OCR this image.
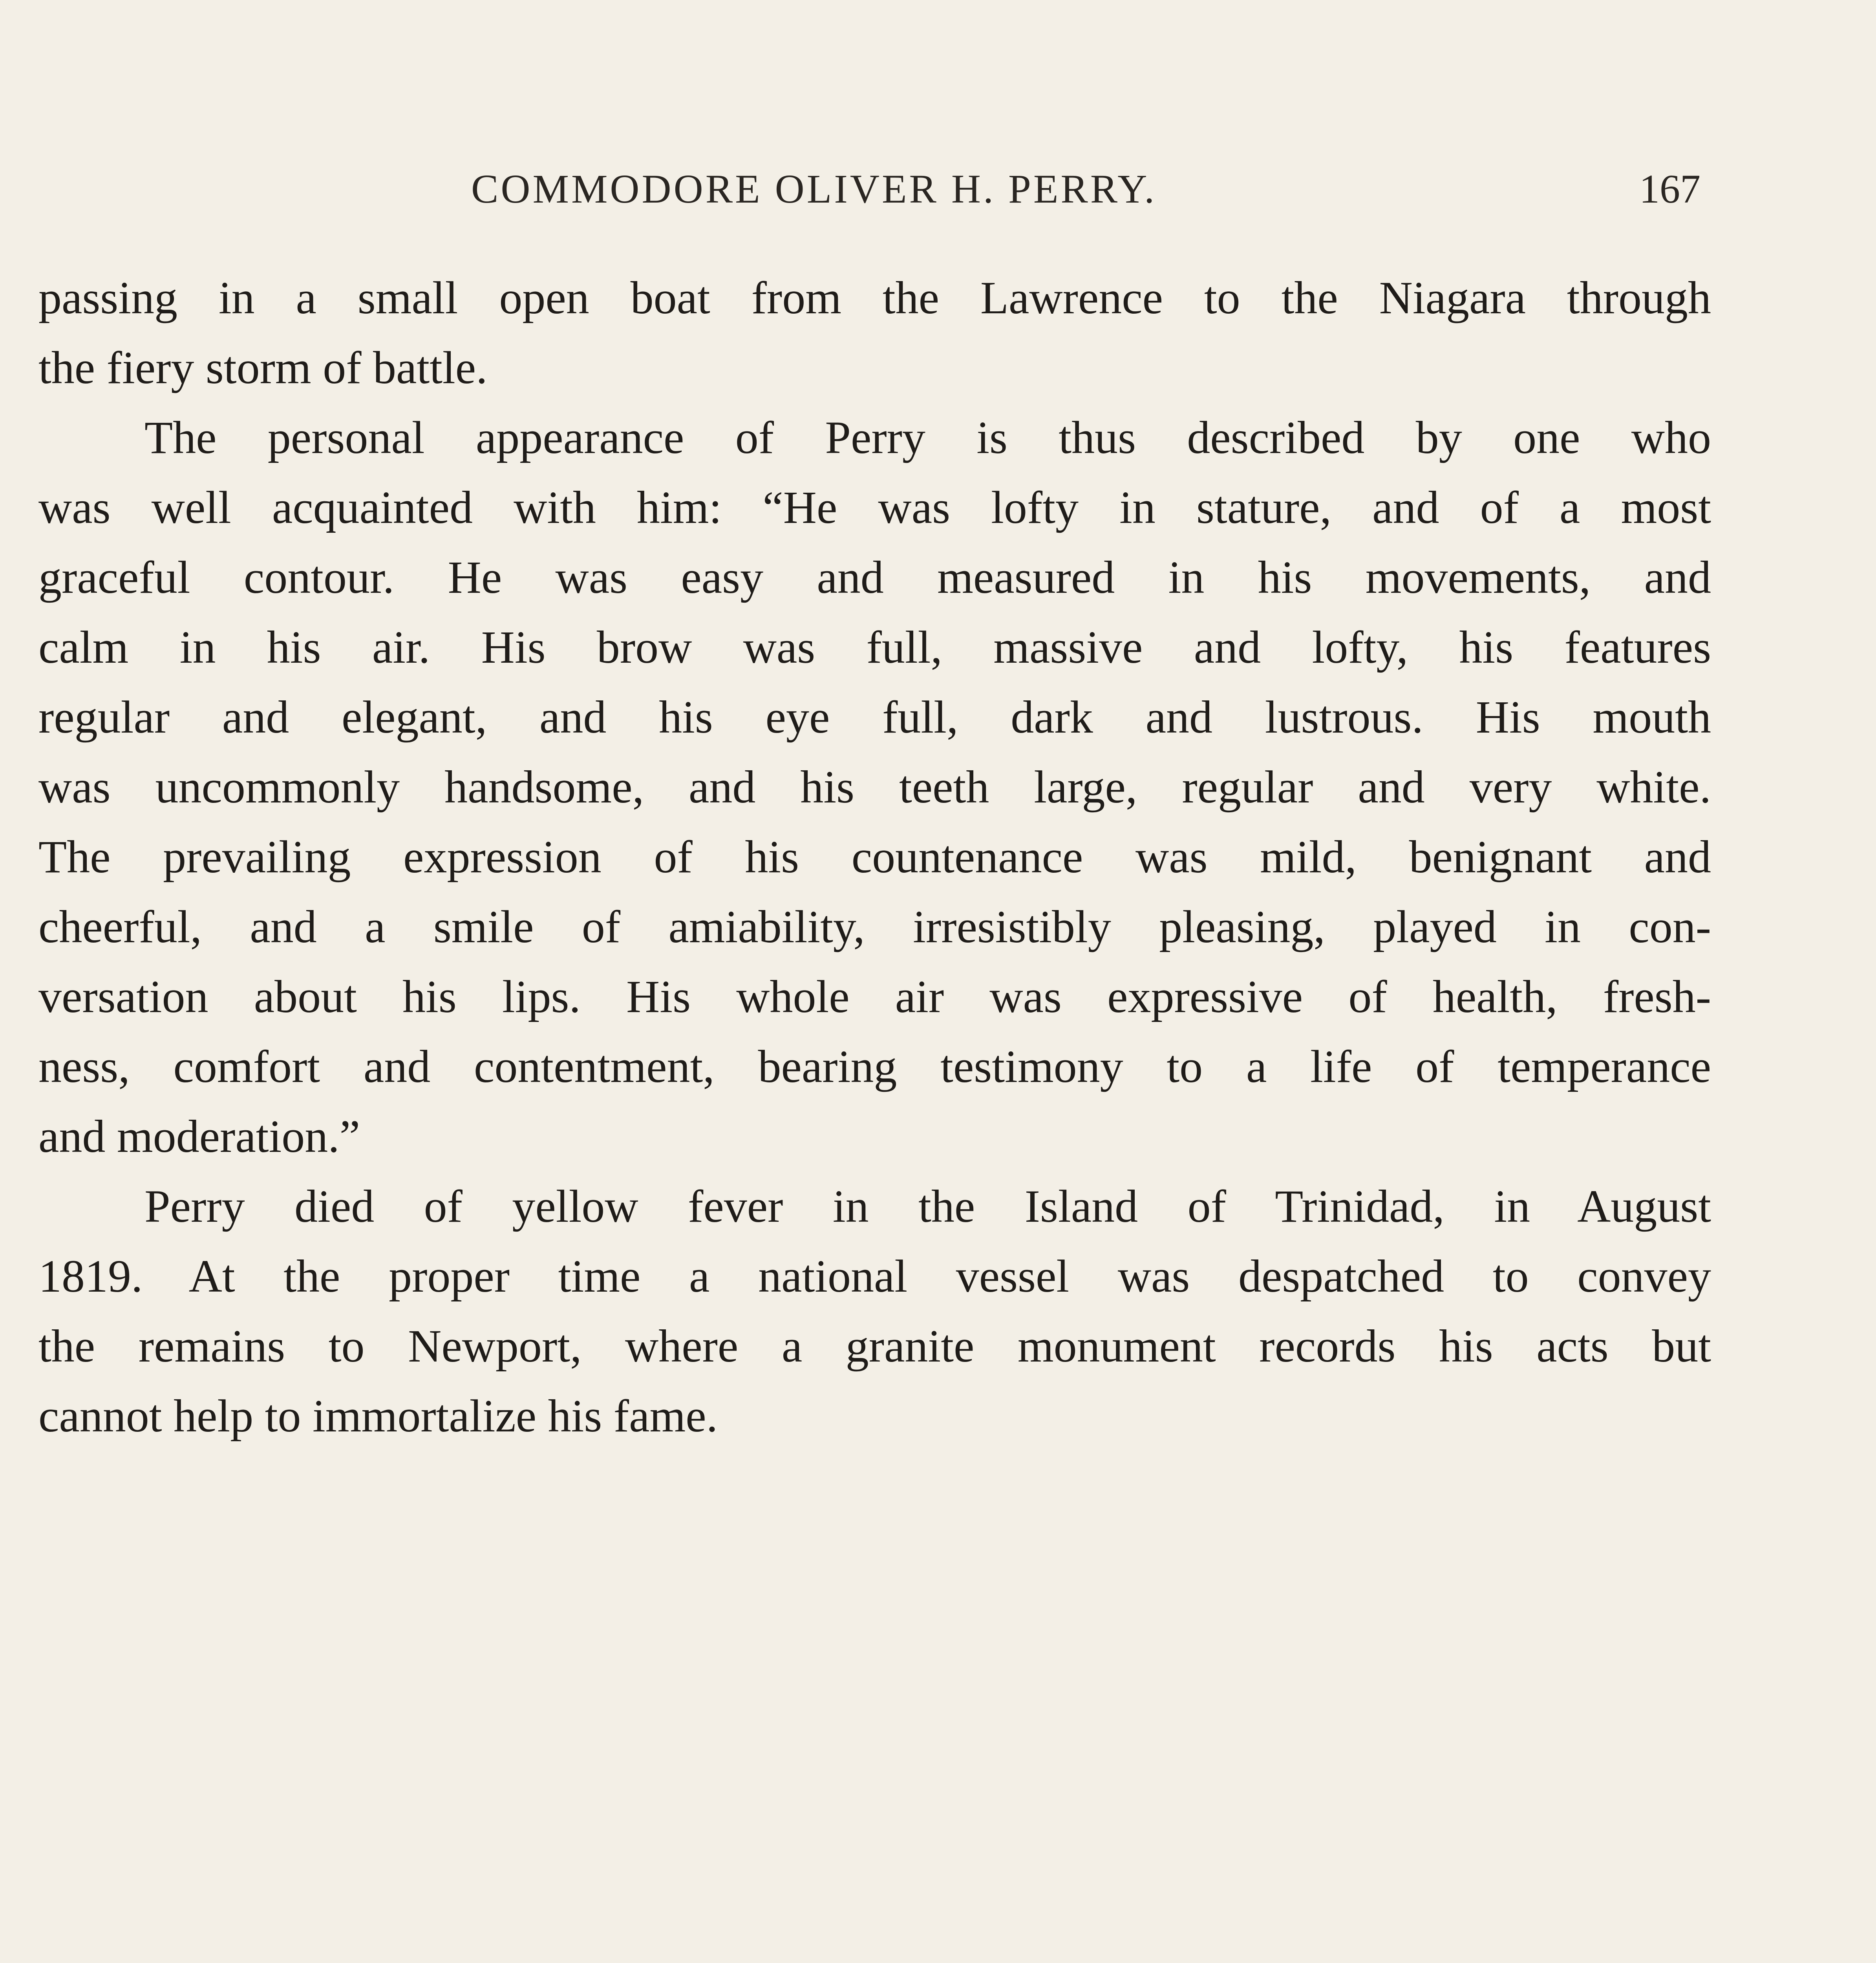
COMMODORE OLIVER H. PERRY.	167
passing in a small open boat from the Lawrence to the Niagara through
the fiery storm of battle.
The personal appearance of Perry is thus described by one who
was well acquainted with him: “He was lofty in stature, and of a most
graceful contour. He was easy and measured in his movements, and
calm in his air. His brow was full, massive and lofty, his features
regular and elegant, and his eye full, dark and lustrous. His mouth
was uncommonly handsome, and his teeth large, regular and very white.
The prevailing expression of his countenance was mild, benignant and
cheerful, and a smile of amiability, irresistibly pleasing, played in con-
versation about his lips. His whole air was expressive of health, fresh-
ness, comfort and contentment, bearing testimony to a life of temperance
and moderation.”
Perry died of yellow fever in the Island of Trinidad, in August
1819. At the proper time a national vessel was despatched to convey
the remains to Newport, where a granite monument records his acts but
cannot help to immortalize his fame.
